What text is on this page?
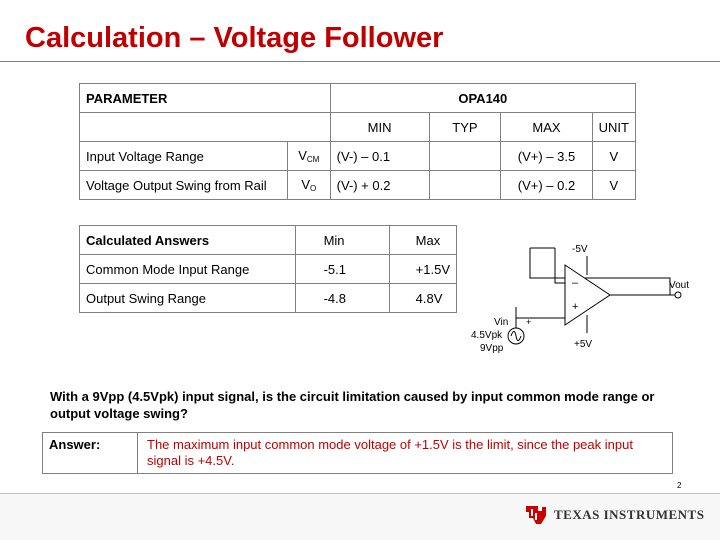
Calculation – Voltage Follower
PARAMETER		OPA140			
		MIN	TYP	MAX	UNIT
Input Voltage Range	$V_{CM}$	(V-) – 0.1		(V+) – 3.5	V
Voltage Output Swing from Rail	$V_O$	(V-) + 0.2		(V+) – 0.2	V
Calculated Answers	Min	Max
Common Mode Input Range	-5.1	+1.5V
Output Swing Range	-4.8	4.8V
–
+
+
-5V
+5V
Vout
Vin
4.5Vpk
9Vpp
With a 9Vpp (4.5Vpk) input signal, is the circuit limitation caused by input common mode range or output voltage swing?
Answer:	The maximum input common mode voltage of +1.5V is the limit, since the peak input signal is +4.5V.
2
TEXAS INSTRUMENTS
